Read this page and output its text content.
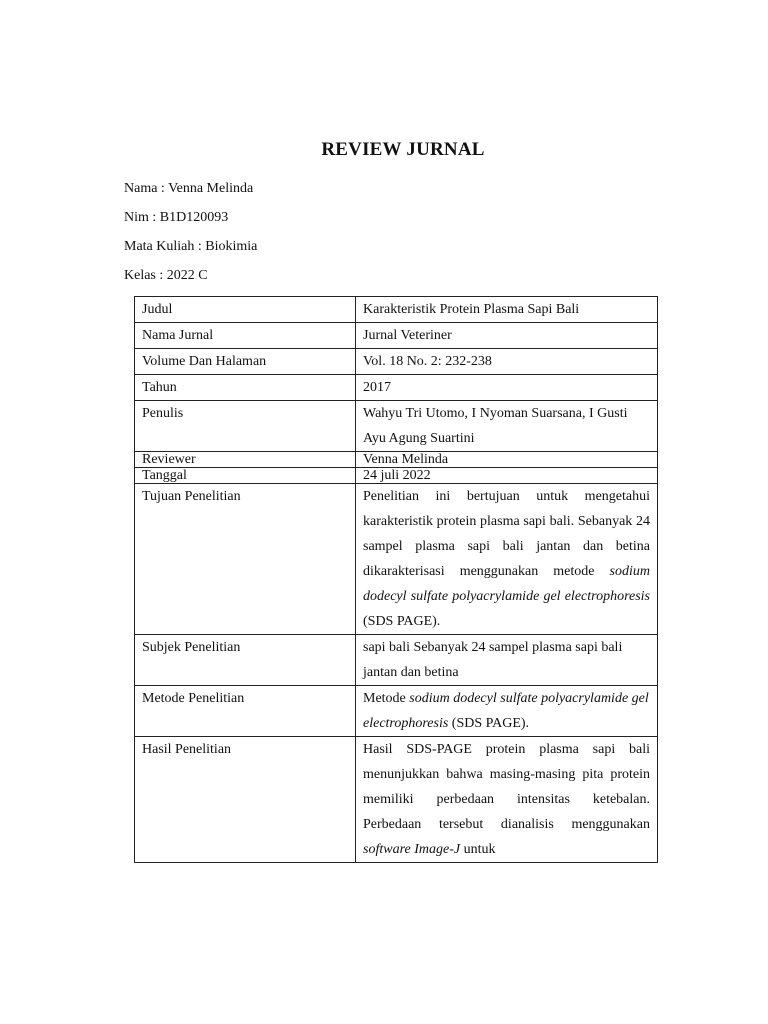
REVIEW JURNAL
Nama : Venna Melinda
Nim : B1D120093
Mata Kuliah : Biokimia
Kelas : 2022 C
Judul	Karakteristik Protein Plasma Sapi Bali
Nama Jurnal	Jurnal Veteriner
Volume Dan Halaman	Vol. 18 No. 2: 232-238
Tahun	2017
Penulis	Wahyu Tri Utomo, I Nyoman Suarsana, I Gusti Ayu Agung Suartini
Reviewer	Venna Melinda
Tanggal	24 juli 2022
Tujuan Penelitian	Penelitian ini bertujuan untuk mengetahui karakteristik protein plasma sapi bali. Sebanyak 24 sampel plasma sapi bali jantan dan betina dikarakterisasi menggunakan metode sodium dodecyl sulfate polyacrylamide gel electrophoresis (SDS PAGE).
Subjek Penelitian	sapi bali Sebanyak 24 sampel plasma sapi bali jantan dan betina
Metode Penelitian	Metode sodium dodecyl sulfate polyacrylamide gel electrophoresis (SDS PAGE).
Hasil Penelitian	Hasil SDS-PAGE protein plasma sapi bali menunjukkan bahwa masing-masing pita protein memiliki perbedaan intensitas ketebalan. Perbedaan tersebut dianalisis menggunakan software Image-J untuk
